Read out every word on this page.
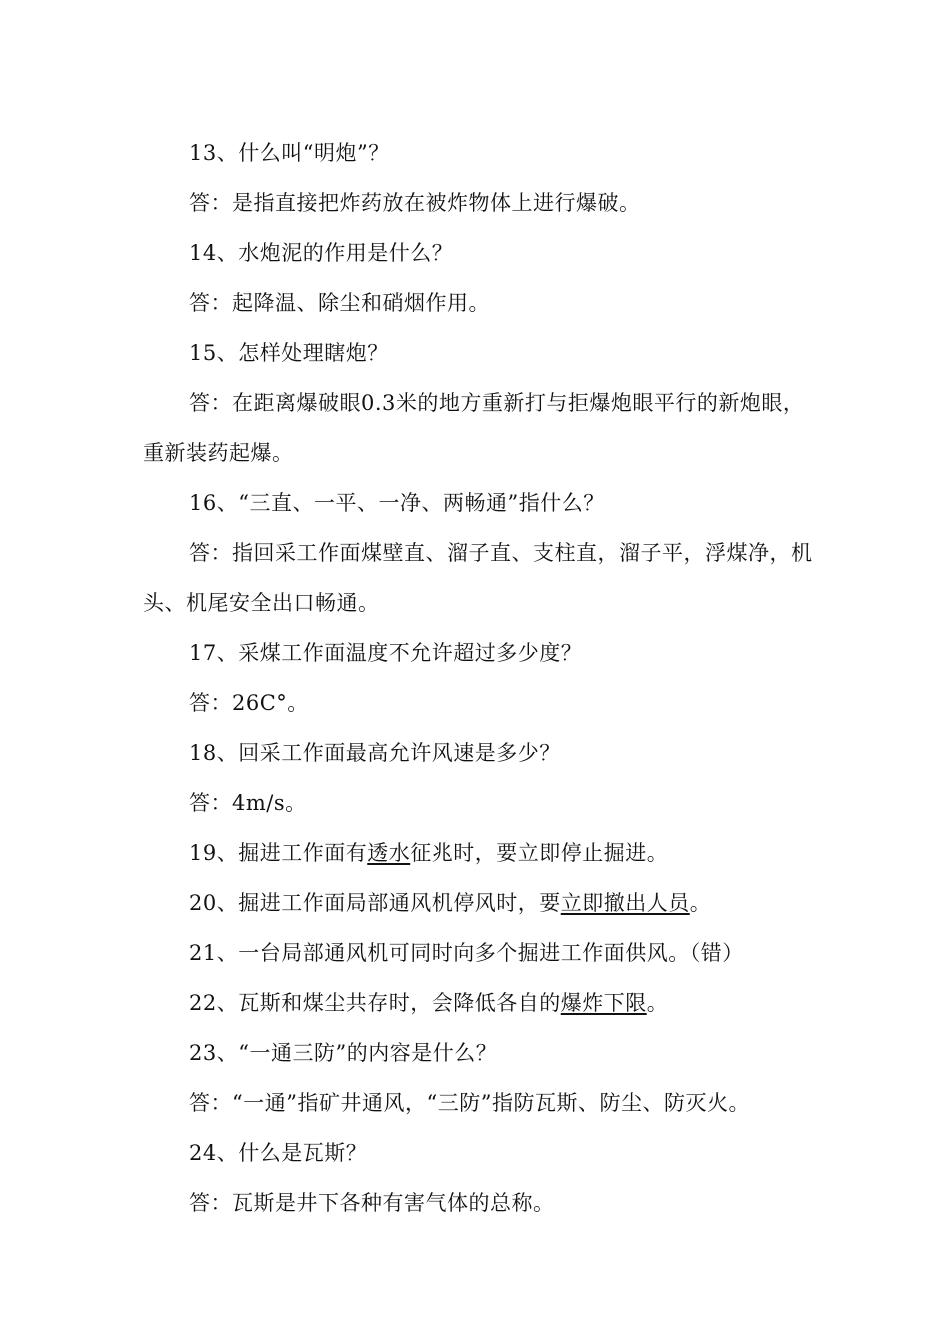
13、什么叫“明炮”？

答：是指直接把炸药放在被炸物体上进行爆破。

14、水炮泥的作用是什么？

答：起降温、除尘和硝烟作用。

15、怎样处理瞎炮？

答：在距离爆破眼0.3米的地方重新打与拒爆炮眼平行的新炮眼，重新装药起爆。

16、“三直、一平、一净、两畅通”指什么？

答：指回采工作面煤壁直、溜子直、支柱直，溜子平，浮煤净，机头、机尾安全出口畅通。

17、采煤工作面温度不允许超过多少度？

答：26C°。

18、回采工作面最高允许风速是多少？

答：4m/s。

19、掘进工作面有透水征兆时，要立即停止掘进。

20、掘进工作面局部通风机停风时，要立即撤出人员。

21、一台局部通风机可同时向多个掘进工作面供风。（错）

22、瓦斯和煤尘共存时，会降低各自的爆炸下限。

23、“一通三防”的内容是什么？

答：“一通”指矿井通风，“三防”指防瓦斯、防尘、防灭火。

24、什么是瓦斯？

答：瓦斯是井下各种有害气体的总称。
